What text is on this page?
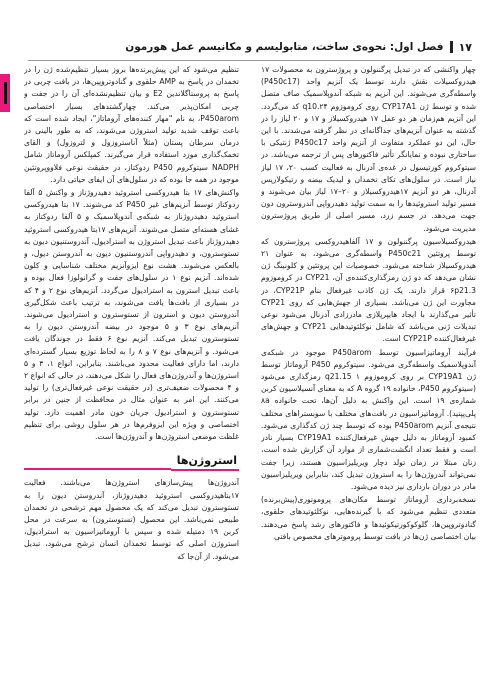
۱۷
فصل اول: نحوه‌ی ساخت، متابولیسم و مکانیسم عمل هورمون

چهار واکنشی که در تبدیل پرگننولون و پروژسترون به محصولات ۱۷ هیدروکسیلات نقش دارند توسط یک آنزیم واحد (P450c17) واسطه‌گری می‌شوند. این آنزیم به شبکه آندوپلاسمیک صاف متصل شده و توسط ژن CYP17A1 روی کروموزوم ۲۴.q10 کد می‌گردد. این آنزیم هم‌زمان هر دو عمل ۱۷ هیدروکسیلاز و ۱۷ و ۲۰ لیاز را در گذشته به عنوان آنزیم‌های جداگانه‌ای در نظر گرفته می‌شدند. با این حال، این دو عملکرد متفاوت از آنزیم واحد P450c17 ژنتیکی با ساختاری نبوده و نمایانگر تأثیر فاکتورهای پس از ترجمه می‌باشد. در سیتوکروم کورتیسول در غده‌ی آدرنال به فعالیت کسب ۲۰، ۱۷ لیاز نیاز است. در سلول‌های تکای تخمدان و لیدیک بیضه و رتیکولاریس آدرنال، هر دو آنزیم ۱۷هیدروکسیلاز و ۲۰–۱۷ لیاز بیان می‌شوند و مسیر تولید استروئیدها را به سمت تولید دهیدرواپی آندروسترون دون جهت می‌دهد. در جسم زرد، مسیر اصلی از طریق پروژسترون مدیریت می‌شود.

هیدروکسیلاسیون پرگننولون و ۱۷ آلفاهیدروکسی پروژسترون که توسط پروتئین P450c21 واسطه‌گری می‌شود، به عنوان ۲۱ هیدروکسیلاز شناخته می‌شود. خصوصیات این پروتئین و کلونینگ ژن نشان می‌دهد که دو ژن رمزگذاری‌کننده‌ی آن، CYP21 در کروموزوم ۶p21.3 قرار دارند. یک ژن کاذب غیرفعال بنام CYP21P، در مجاورت این ژن می‌باشد. بسیاری از جهش‌هایی که روی CYP21 تأثیر می‌گذارند با ایجاد هایپرپلازی مادرزادی آدرنال می‌شود نوعی تبدیلات ژنی می‌باشد که شامل نوکلئوتیدهایی CYP21 و جهش‌های غیرفعال‌کننده CYP21P است.

فرآیند آروماتیزاسیون توسط P450arom موجود در شبکه‌ی آندوپلاسمیک واسطه‌گری می‌شود. سیتوکروم P450 آروماتاز توسط ژن CYP19A1 بر روی کروموزوم ۱ q21.15 رمزگذاری می‌شود (سیتوکروم P450، خانواده ۱۹ گروه A که به معنای آنسیلاسیون کربن شماره‌ی ۱۹ است. این واکنش به دلیل آن‌ها، تحت خانواده ۸a پلی‌پپتید). آروماتیزاسیون در بافت‌های مختلف با سوبستراهای مختلف نتیجه‌ی آنزیم P450arom بوده که توسط چند ژن کدگذاری می‌شود. کمبود آروماتاز به دلیل جهش غیرفعال‌کننده CYP19A1 بسیار نادر است و فقط تعداد انگشت‌شماری از موارد آن گزارش شده است، زنان مبتلا در زمان تولد دچار ویریلیزاسیون هستند، زیرا جفت نمی‌تواند آندروژن‌ها را به استروژن تبدیل کند، بنابراین ویریلیزاسیون مادر در دوران بارداری نیز دیده می‌شود.

نسخه‌برداری آروماتاز توسط مکان‌های پروموتوری(پیش‌برنده) متعددی تنظیم می‌شود که با گیرنده‌هایی، نوکلئوتیدهای حلقوی، گنادوتروپین‌ها، گلوکوکورتیکوئیدها و فاکتورهای رشد پاسخ می‌دهند. بیان اختصاصی ژن‌ها در بافت توسط پروموترهای مخصوص بافتی

تنظیم می‌شود که این پیش‌برنده‌ها بروز بسیار تنظیم‌شده ژن را در تخمدان در پاسخ به AMP حلقوی و گنادوتروپین‌ها، در بافت چربی در پاسخ به پروستاگلاندین E2 و بیان تنظیم‌نشده‌ای آن را در جفت و چربی امکان‌پذیر می‌کند. چهارگشتدهای بسیار اختصاصی P450arom، به نام "مهار کننده‌های آروماتاز"، ایجاد شده است که باعث توقف شدید تولید استروژن می‌شوند، که به طور بالینی در درمان سرطان پستان (مثلاً آناستروزول و لتروزول) و القای تخمک‌گذاری مورد استفاده قرار می‌گیرند. کمپلکس آروماتاز شامل NADPH سیتوکروم P450 ردوکتاز، در حقیقت نوعی فلاووپروتئین موجود در همه جا بوده که در سلول‌های آن ایفای حیاتی دارد.

واکنش‌های ۱۷ بتا هیدروکسی استروئید دهیدروژناز و واکنش ۵ آلفا ردوکتاز توسط آنزیم‌های غیر P450 کد می‌شوند. ۱۷ بتا هیدروکسی استروئید دهیدروژناز به شبکه‌ی آندوپلاسمیک و ۵ آلفا ردوکتاز به غشای هسته‌ای متصل می‌شوند. آنزیم‌های ۱۷بتا هیدروکسی استروئید دهیدروژناز باعث تبدیل استروژن به استرادیول، آندروستنیون دیون به تستوسترون، و دهیدرواپی آندروستنیون دیون به آندروستن دیول، و بالعکس می‌شوند. هشت نوع ایزوآنزیم مختلف شناسایی و کلون شده‌اند. آنزیم نوع ۱ در سلول‌های جفت و گرانولوزا فعال بوده و باعث تبدیل استرون به استرادیول می‌گردد. آنزیم‌های نوع ۲ و ۴ که در بسیاری از بافت‌ها یافت می‌شوند، به ترتیب باعث شکل‌گیری آندروستن دیون و استرون از تستوسترون و استرادیول می‌شوند. آنزیم‌های نوع ۳ و ۵ موجود در بیضه آندروستن دیون را به تستوسترون تبدیل می‌کند. آنزیم نوع ۶ فقط در جوندگان یافت می‌شود. و آنزیم‌های نوع ۷ و ۸ را به لحاظ توزیع بسیار گسترده‌ای دارند، اما دارای فعالیت محدود می‌باشند. بنابراین، انواع ۱، ۳ و ۵ استروژن‌ها و آندروژن‌های فعال را شکل می‌دهند، در حالی که انواع ۲ و ۴ محصولات ضعیف‌تری (در حقیقت نوعی غیرفعال‌تری) را تولید می‌کنند. این امر به عنوان مثال در محافظت از جنین در برابر تستوسترون و استرادیول جریان خون مادر اهمیت دارد. تولید اختصاصی و ویژه این ایزوفرم‌ها در هر سلول روشی برای تنظیم غلظت موضعی استروژن‌ها و آندروژن‌ها است.

استروژن‌ها

آندروژن‌ها پیش‌سازهای استروژن‌ها می‌باشند. فعالیت ۱۷بتاهیدروکسی استروئید دهیدروژناز، آندروستن دیون را به تستوسترون تبدیل می‌کند که یک محصول مهم ترشحی در تخمدان طبیعی نمی‌باشد. این محصول (تستوسترون) به سرعت در محل کربن ۱۹ دمتیله شده و سپس با آروماتیزاسیون به استرادیول، استروژن اصلی که توسط تخمدان انسان ترشح می‌شود، تبدیل می‌شود. از آن‌جا که
